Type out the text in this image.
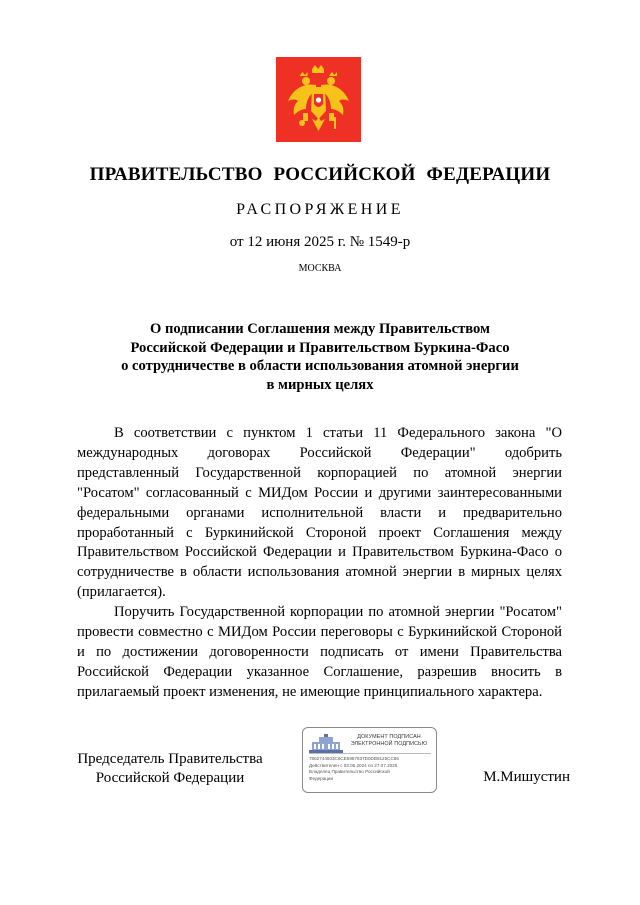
ПРАВИТЕЛЬСТВО РОССИЙСКОЙ ФЕДЕРАЦИИ
РАСПОРЯЖЕНИЕ
от 12 июня 2025 г. № 1549-р
МОСКВА
О подписании Соглашения между Правительством
Российской Федерации и Правительством Буркина-Фасо
о сотрудничестве в области использования атомной энергии
в мирных целях

В соответствии с пунктом 1 статьи 11 Федерального закона "О международных договорах Российской Федерации" одобрить представленный Государственной корпорацией по атомной энергии "Росатом" согласованный с МИДом России и другими заинтересованными федеральными органами исполнительной власти и предварительно проработанный с Буркинийской Стороной проект Соглашения между Правительством Российской Федерации и Правительством Буркина-Фасо о сотрудничестве в области использования атомной энергии в мирных целях (прилагается).

Поручить Государственной корпорации по атомной энергии "Росатом" провести совместно с МИДом России переговоры с Буркинийской Стороной и по достижении договоренности подписать от имени Правительства Российской Федерации указанное Соглашение, разрешив вносить в прилагаемый проект изменения, не имеющие принципиального характера.

Председатель Правительства
Российской Федерации
ДОКУМЕНТ ПОДПИСАН
ЭЛЕКТРОННОЙ ПОДПИСЬЮ
7862744603C6CE5987837D0DB8125CC86
Действителен с 03.05.2024 по 27.07.2025
Владелец Правительство Российской
Федерации	М.Мишустин
